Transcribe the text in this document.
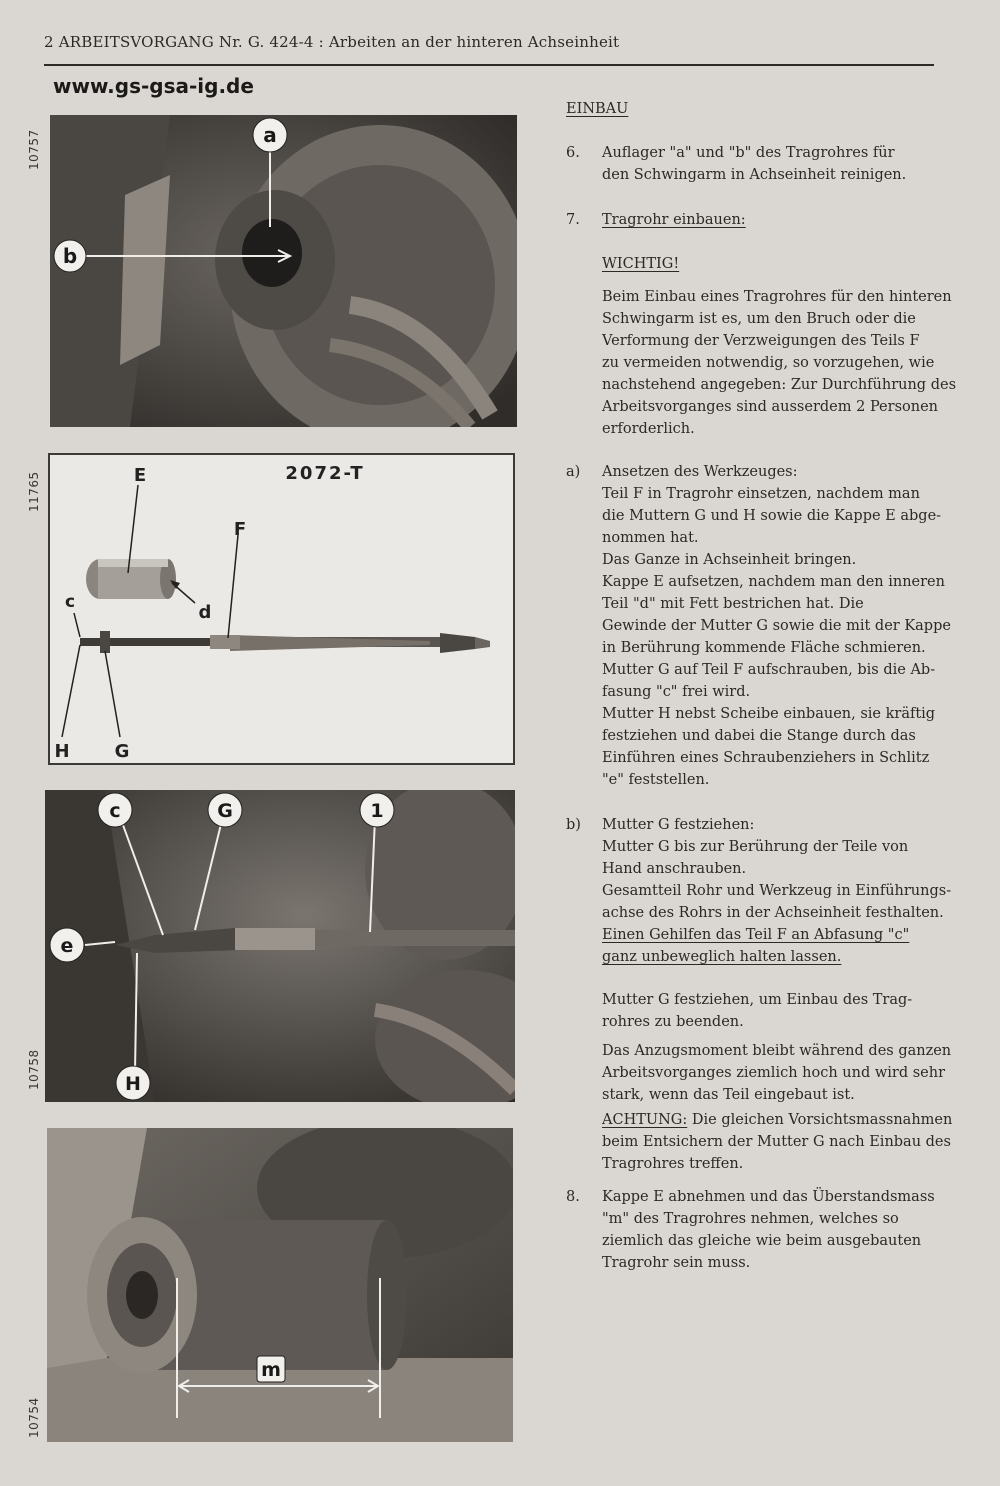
2 ARBEITSVORGANG Nr. G. 424-4 : Arbeiten an der hinteren Achseinheit
www.gs-gsa-ig.de
10757
11765
10758
10754
a
b
2072-T
E
d
F
c
H	G
c	G	1
e
H
m
EINBAU
6. Auflager "a" und "b" des Tragrohres für
den Schwingarm in Achseinheit reinigen.
7. Tragrohr einbauen:
WICHTIG!
Beim Einbau eines Tragrohres für den hinteren
Schwingarm ist es, um den Bruch oder die
Verformung der Verzweigungen des Teils F
zu vermeiden notwendig, so vorzugehen, wie
nachstehend angegeben: Zur Durchführung des
Arbeitsvorganges sind ausserdem 2 Personen
erforderlich.
a) Ansetzen des Werkzeuges:
Teil F in Tragrohr einsetzen, nachdem man
die Muttern G und H sowie die Kappe E abge-
nommen hat.
Das Ganze in Achseinheit bringen.
Kappe E aufsetzen, nachdem man den inneren
Teil "d" mit Fett bestrichen hat. Die
Gewinde der Mutter G sowie die mit der Kappe
in Berührung kommende Fläche schmieren.
Mutter G auf Teil F aufschrauben, bis die Ab-
fasung "c" frei wird.
Mutter H nebst Scheibe einbauen, sie kräftig
festziehen und dabei die Stange durch das
Einführen eines Schraubenziehers in Schlitz
"e" feststellen.
b) Mutter G festziehen:
Mutter G bis zur Berührung der Teile von
Hand anschrauben.
Gesamtteil Rohr und Werkzeug in Einführungs-
achse des Rohrs in der Achseinheit festhalten.
Einen Gehilfen das Teil F an Abfasung "c"
ganz unbeweglich halten lassen.
Mutter G festziehen, um Einbau des Trag-
rohres zu beenden.
Das Anzugsmoment bleibt während des ganzen
Arbeitsvorganges ziemlich hoch und wird sehr
stark, wenn das Teil eingebaut ist.
ACHTUNG: Die gleichen Vorsichtsmassnahmen
beim Entsichern der Mutter G nach Einbau des
Tragrohres treffen.
8. Kappe E abnehmen und das Überstandsmass
"m" des Tragrohres nehmen, welches so
ziemlich das gleiche wie beim ausgebauten
Tragrohr sein muss.
